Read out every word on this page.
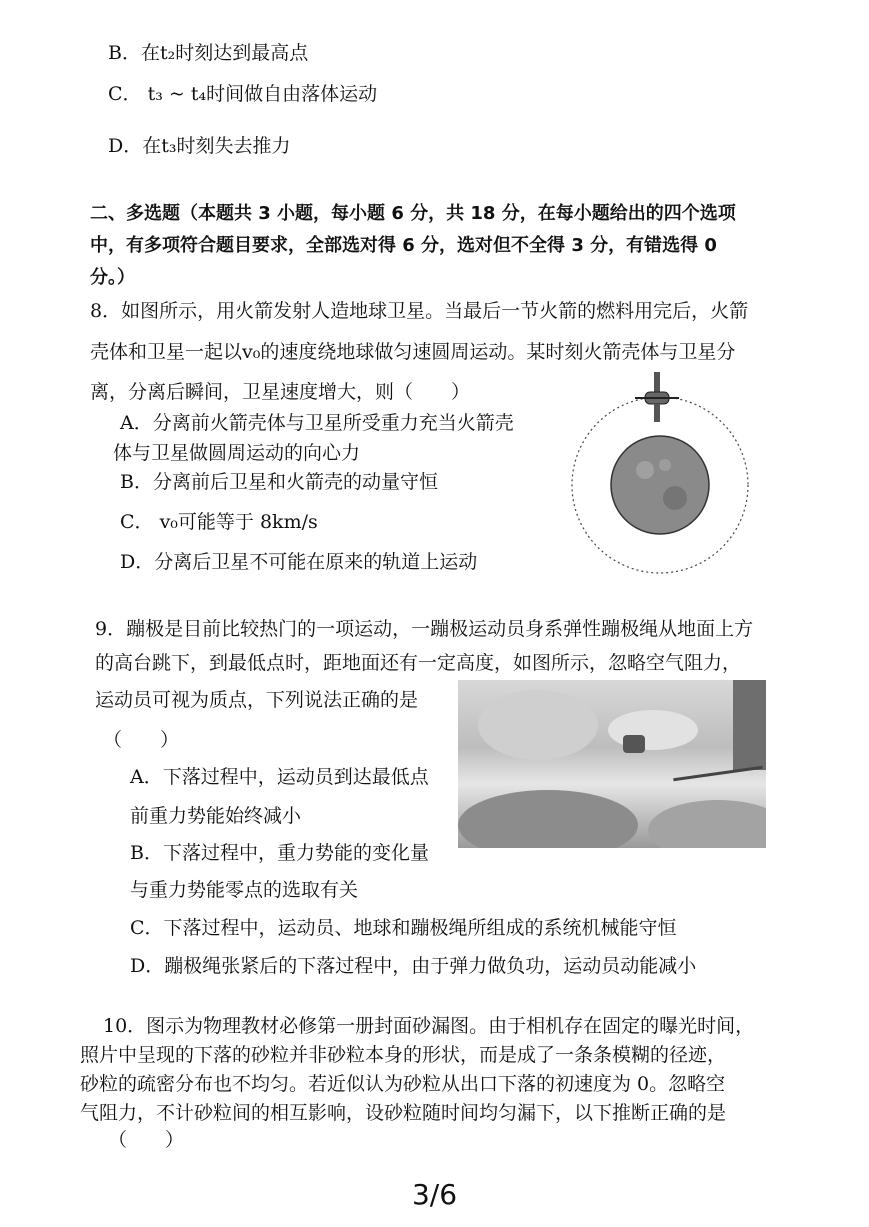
B．在t₂时刻达到最高点
C． t₃ ~ t₄时间做自由落体运动
D．在t₃时刻失去推力
二、多选题（本题共 3 小题，每小题 6 分，共 18 分，在每小题给出的四个选项
中，有多项符合题目要求，全部选对得 6 分，选对但不全得 3 分，有错选得 0
分。）
8．如图所示，用火箭发射人造地球卫星。当最后一节火箭的燃料用完后，火箭
壳体和卫星一起以v₀的速度绕地球做匀速圆周运动。某时刻火箭壳体与卫星分
离，分离后瞬间，卫星速度增大，则（　　）
A．分离前火箭壳体与卫星所受重力充当火箭壳
体与卫星做圆周运动的向心力
B．分离前后卫星和火箭壳的动量守恒
C． v₀可能等于 8km/s
D．分离后卫星不可能在原来的轨道上运动
9．蹦极是目前比较热门的一项运动，一蹦极运动员身系弹性蹦极绳从地面上方
的高台跳下，到最低点时，距地面还有一定高度，如图所示，忽略空气阻力，
运动员可视为质点，下列说法正确的是
（　　）
A．下落过程中，运动员到达最低点
前重力势能始终减小
B．下落过程中，重力势能的变化量
与重力势能零点的选取有关
C．下落过程中，运动员、地球和蹦极绳所组成的系统机械能守恒
D．蹦极绳张紧后的下落过程中，由于弹力做负功，运动员动能减小
10．图示为物理教材必修第一册封面砂漏图。由于相机存在固定的曝光时间，
照片中呈现的下落的砂粒并非砂粒本身的形状，而是成了一条条模糊的径迹，
砂粒的疏密分布也不均匀。若近似认为砂粒从出口下落的初速度为 0。忽略空
气阻力，不计砂粒间的相互影响，设砂粒随时间均匀漏下，以下推断正确的是
（　　）
3/6
